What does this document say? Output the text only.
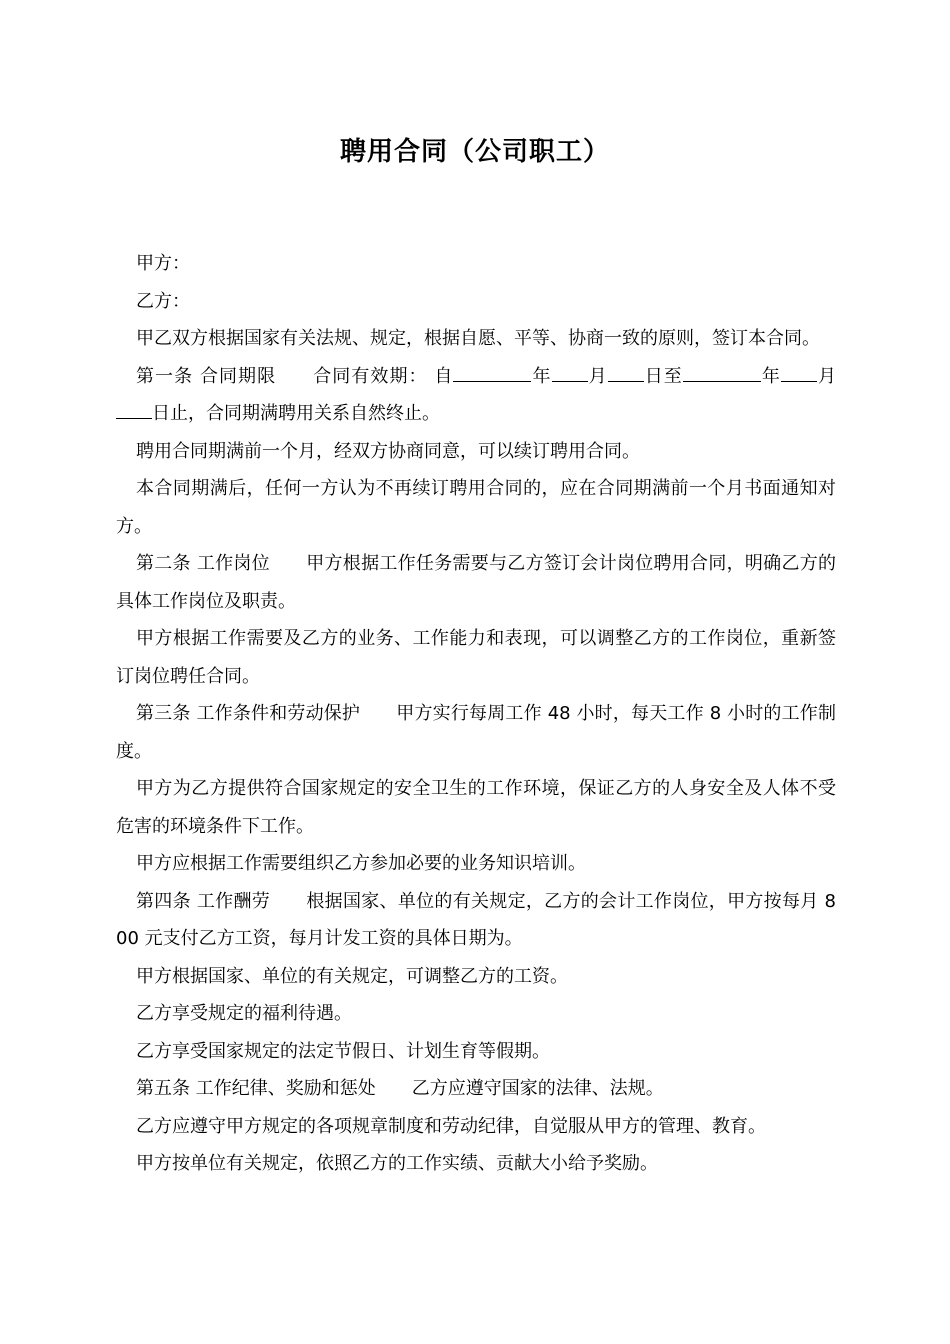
聘用合同（公司职工）

甲方：

乙方：

甲乙双方根据国家有关法规、规定，根据自愿、平等、协商一致的原则，签订本合同。

第一条 合同期限 合同有效期： 自	年 月 日至	年 月日止，合同期满聘用关系自然终止。

聘用合同期满前一个月，经双方协商同意，可以续订聘用合同。

本合同期满后，任何一方认为不再续订聘用合同的，应在合同期满前一个月书面通知对方。

第二条 工作岗位 甲方根据工作任务需要与乙方签订会计岗位聘用合同，明确乙方的具体工作岗位及职责。

甲方根据工作需要及乙方的业务、工作能力和表现，可以调整乙方的工作岗位，重新签订岗位聘任合同。

第三条 工作条件和劳动保护 甲方实行每周工作 48 小时，每天工作 8 小时的工作制度。

甲方为乙方提供符合国家规定的安全卫生的工作环境，保证乙方的人身安全及人体不受危害的环境条件下工作。

甲方应根据工作需要组织乙方参加必要的业务知识培训。

第四条 工作酬劳 根据国家、单位的有关规定，乙方的会计工作岗位，甲方按每月 800 元支付乙方工资，每月计发工资的具体日期为。

甲方根据国家、单位的有关规定，可调整乙方的工资。

乙方享受规定的福利待遇。

乙方享受国家规定的法定节假日、计划生育等假期。

第五条 工作纪律、奖励和惩处 乙方应遵守国家的法律、法规。

乙方应遵守甲方规定的各项规章制度和劳动纪律，自觉服从甲方的管理、教育。

甲方按单位有关规定，依照乙方的工作实绩、贡献大小给予奖励。
